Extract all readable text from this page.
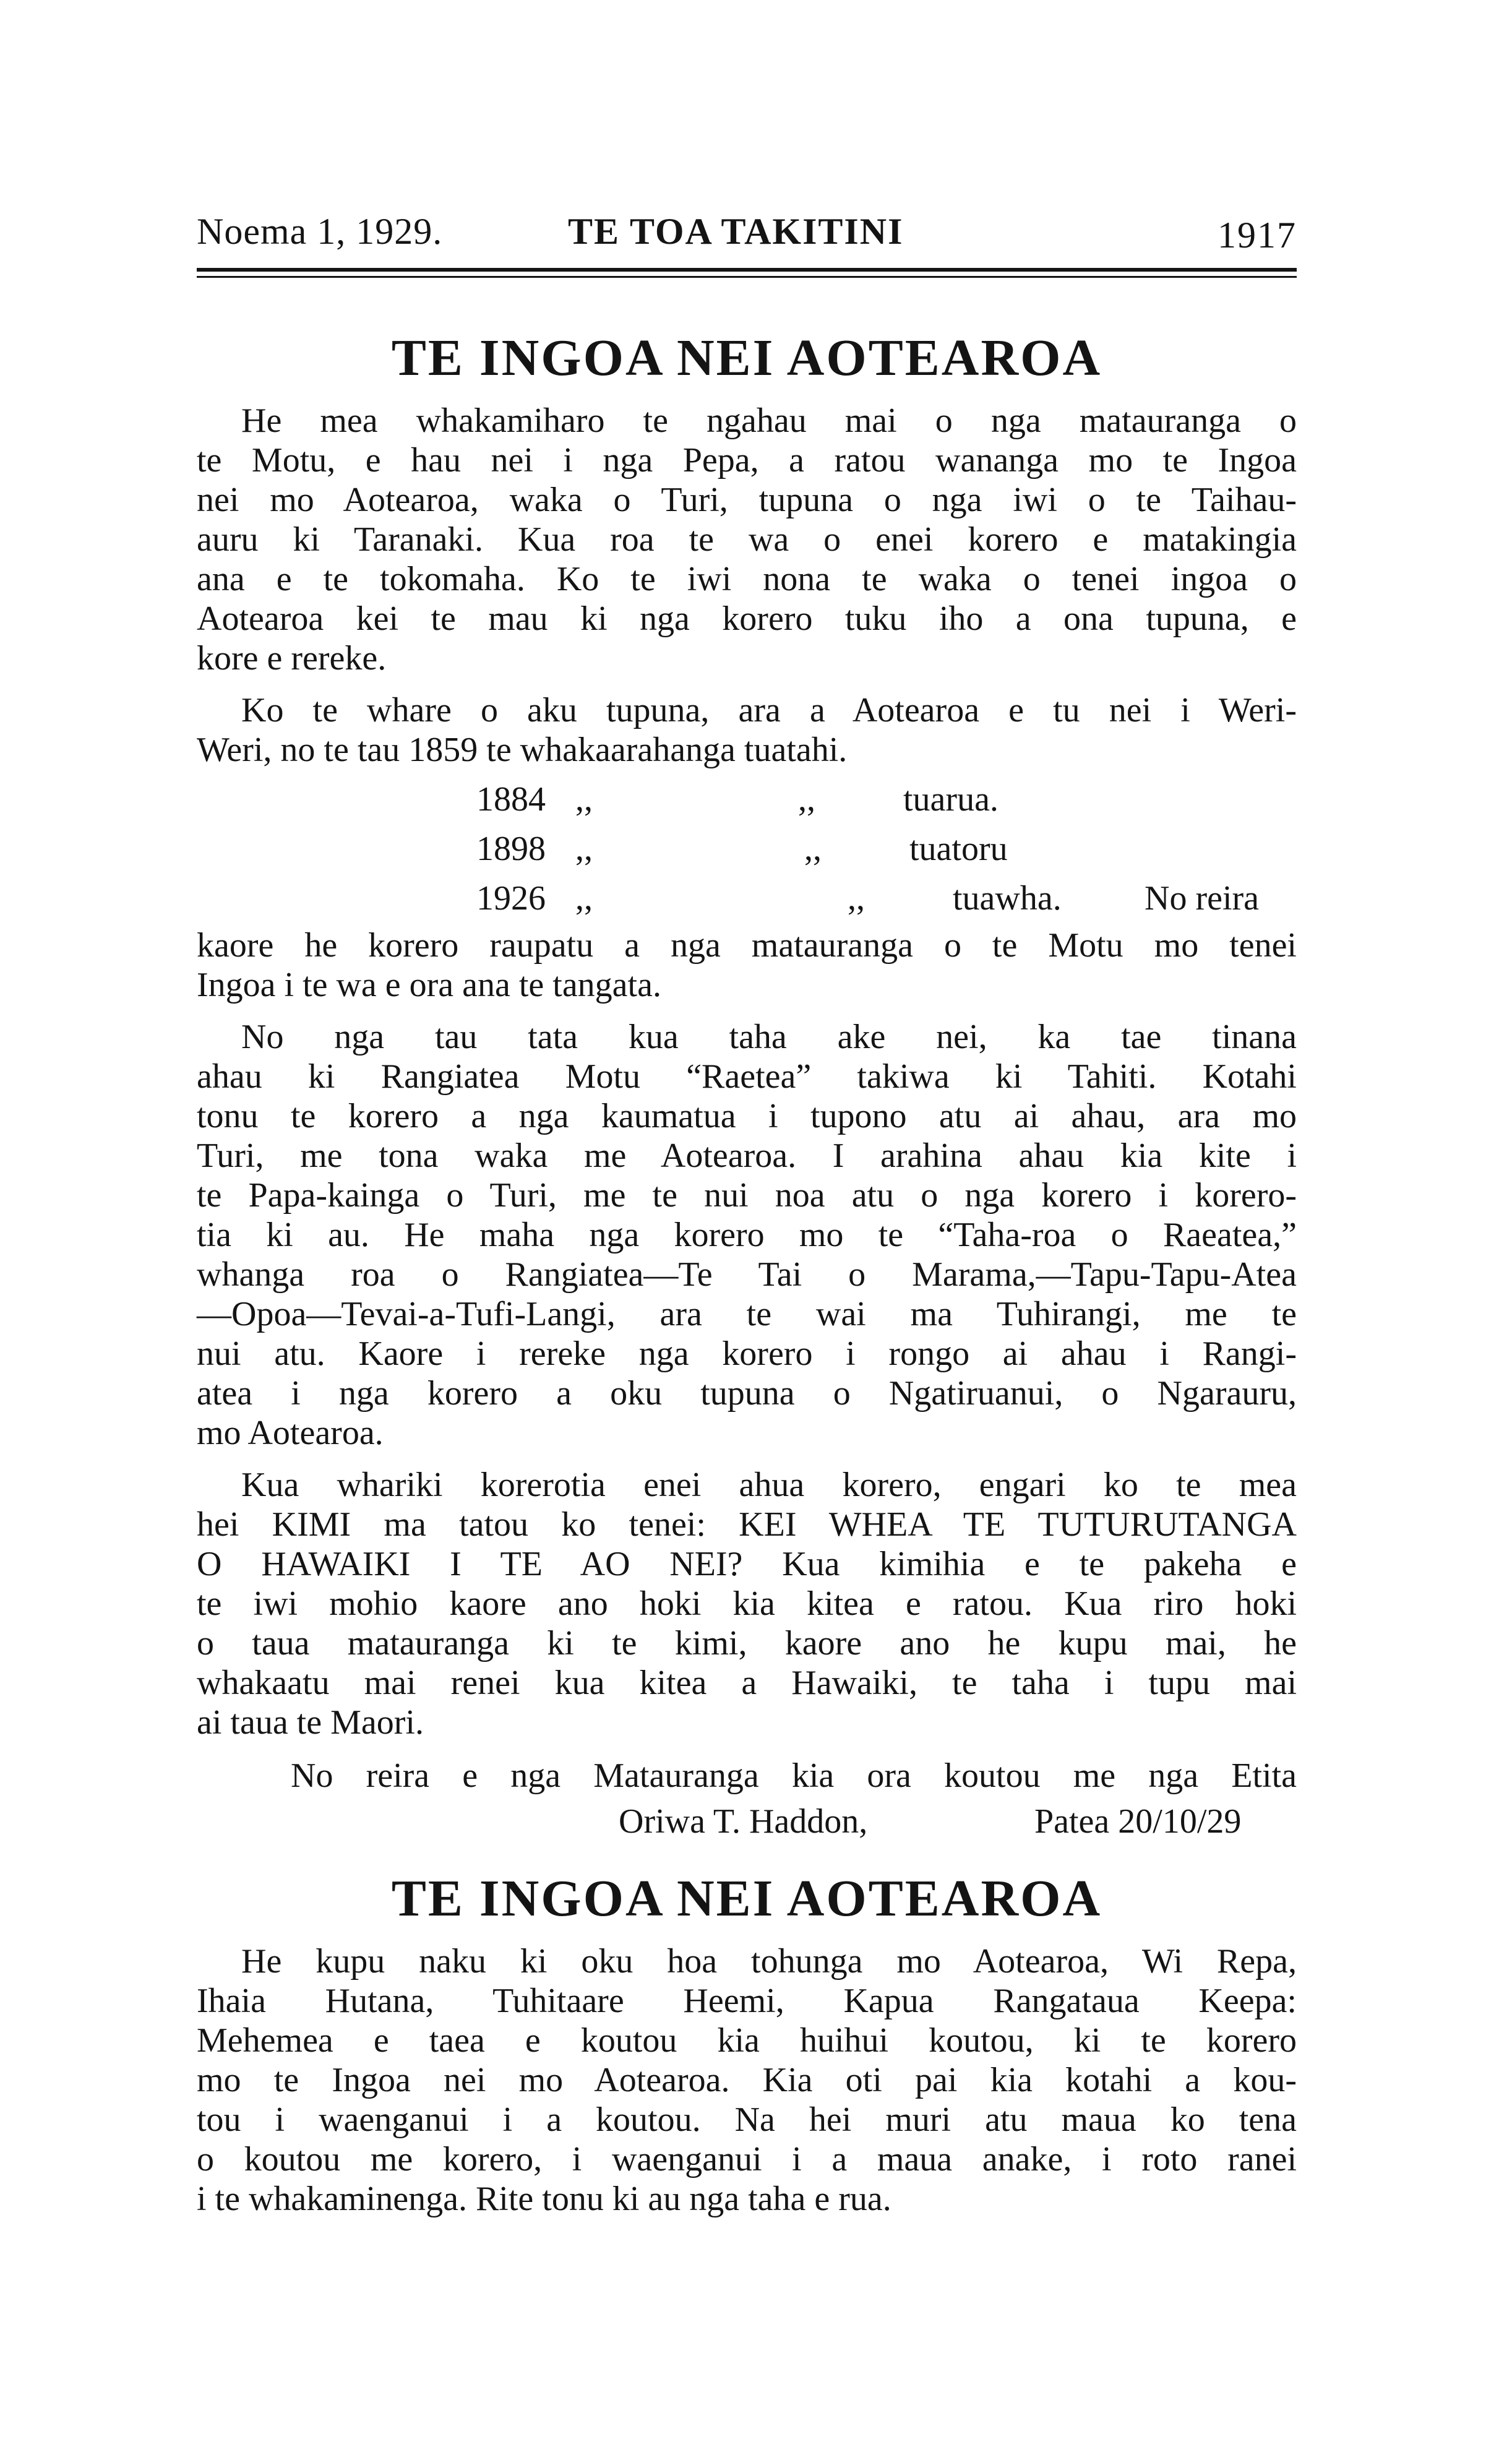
Noema 1, 1929.	TE TOA TAKITINI	1917
TE INGOA NEI AOTEAROA
He mea whakamiharo te ngahau mai o nga matauranga o
te Motu, e hau nei i nga Pepa, a ratou wananga mo te Ingoa
nei mo Aotearoa, waka o Turi, tupuna o nga iwi o te Taihau-
auru ki Taranaki. Kua roa te wa o enei korero e matakingia
ana e te tokomaha. Ko te iwi nona te waka o tenei ingoa o
Aotearoa kei te mau ki nga korero tuku iho a ona tupuna, e
kore e rereke.
Ko te whare o aku tupuna, ara a Aotearoa e tu nei i Weri-
Weri, no te tau 1859 te whakaarahanga tuatahi.
1884 ,,	,,	tuarua.
1898 ,,	,,	tuatoru
1926 ,,	,,	tuawha. No reira
kaore he korero raupatu a nga matauranga o te Motu mo tenei
Ingoa i te wa e ora ana te tangata.
No nga tau tata kua taha ake nei, ka tae tinana
ahau ki Rangiatea Motu “Raetea” takiwa ki Tahiti. Kotahi
tonu te korero a nga kaumatua i tupono atu ai ahau, ara mo
Turi, me tona waka me Aotearoa. I arahina ahau kia kite i
te Papa-kainga o Turi, me te nui noa atu o nga korero i korero-
tia ki au. He maha nga korero mo te “Taha-roa o Raeatea,”
whanga roa o Rangiatea—Te Tai o Marama,—Tapu-Tapu-Atea
—Opoa—Tevai-a-Tufi-Langi, ara te wai ma Tuhirangi, me te
nui atu. Kaore i rereke nga korero i rongo ai ahau i Rangi-
atea i nga korero a oku tupuna o Ngatiruanui, o Ngarauru,
mo Aotearoa.
Kua whariki korerotia enei ahua korero, engari ko te mea
hei KIMI ma tatou ko tenei: KEI WHEA TE TUTURUTANGA
O HAWAIKI I TE AO NEI? Kua kimihia e te pakeha e
te iwi mohio kaore ano hoki kia kitea e ratou. Kua riro hoki
o taua matauranga ki te kimi, kaore ano he kupu mai, he
whakaatu mai renei kua kitea a Hawaiki, te taha i tupu mai
ai taua te Maori.
No reira e nga Matauranga kia ora koutou me nga Etita
Oriwa T. Haddon,	Patea 20/10/29
TE INGOA NEI AOTEAROA
He kupu naku ki oku hoa tohunga mo Aotearoa, Wi Repa,
Ihaia Hutana, Tuhitaare Heemi, Kapua Rangataua Keepa:
Mehemea e taea e koutou kia huihui koutou, ki te korero
mo te Ingoa nei mo Aotearoa. Kia oti pai kia kotahi a kou-
tou i waenganui i a koutou. Na hei muri atu maua ko tena
o koutou me korero, i waenganui i a maua anake, i roto ranei
i te whakaminenga. Rite tonu ki au nga taha e rua.
